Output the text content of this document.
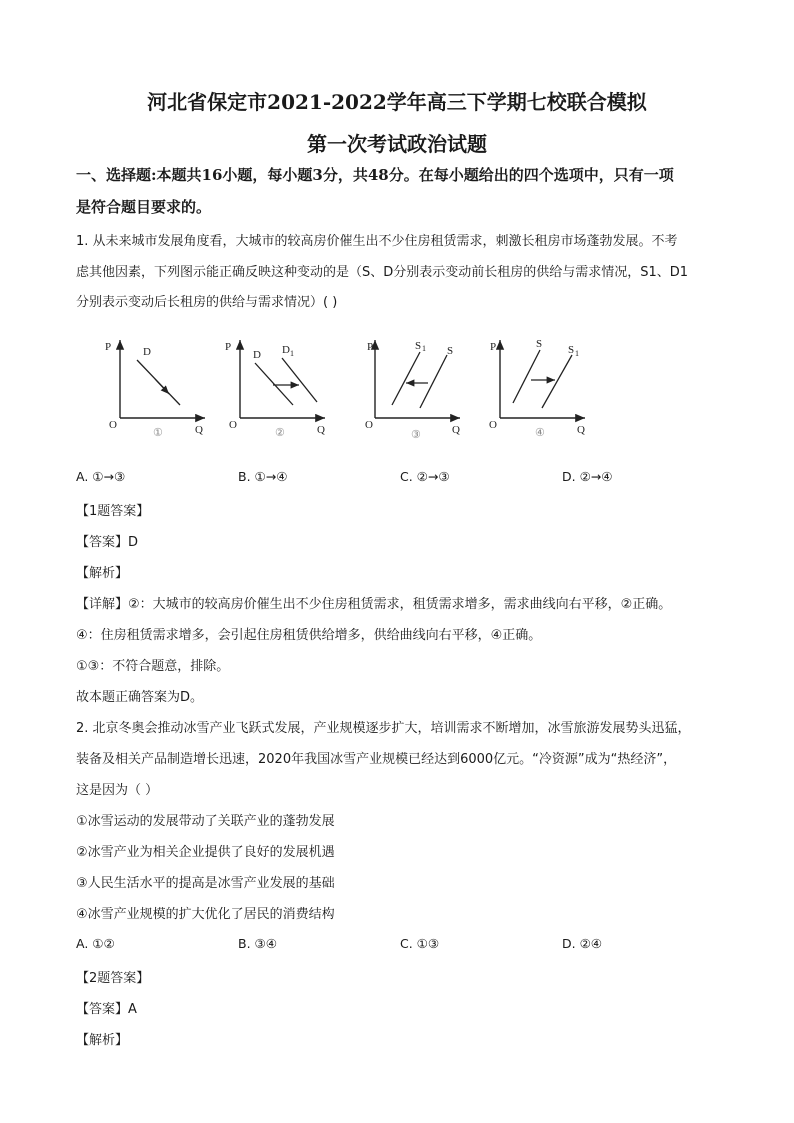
河北省保定市2021-2022学年高三下学期七校联合模拟
第一次考试政治试题
一、选择题:本题共16小题，每小题3分，共48分。在每小题给出的四个选项中，只有一项
是符合题目要求的。
1. 从未来城市发展角度看，大城市的较高房价催生出不少住房租赁需求，刺激长租房市场蓬勃发展。不考
虑其他因素，下列图示能正确反映这种变动的是（S、D分别表示变动前长租房的供给与需求情况，S1、D1
分别表示变动后长租房的供给与需求情况）( )
P
O	Q
D
①
P
O	Q
D D 1
②
P
O	Q
S 1 S
③
P
O	Q
S S 1
④
A. ①→③	B. ①→④	C. ②→③	D. ②→④
【1题答案】
【答案】D
【解析】
【详解】②：大城市的较高房价催生出不少住房租赁需求，租赁需求增多，需求曲线向右平移，②正确。
④：住房租赁需求增多，会引起住房租赁供给增多，供给曲线向右平移，④正确。
①③：不符合题意，排除。
故本题正确答案为D。
2. 北京冬奥会推动冰雪产业飞跃式发展，产业规模逐步扩大，培训需求不断增加，冰雪旅游发展势头迅猛，
装备及相关产品制造增长迅速，2020年我国冰雪产业规模已经达到6000亿元。“冷资源”成为“热经济”，
这是因为（ ）
①冰雪运动的发展带动了关联产业的蓬勃发展
②冰雪产业为相关企业提供了良好的发展机遇
③人民生活水平的提高是冰雪产业发展的基础
④冰雪产业规模的扩大优化了居民的消费结构
A. ①②	B. ③④	C. ①③	D. ②④
【2题答案】
【答案】A
【解析】
